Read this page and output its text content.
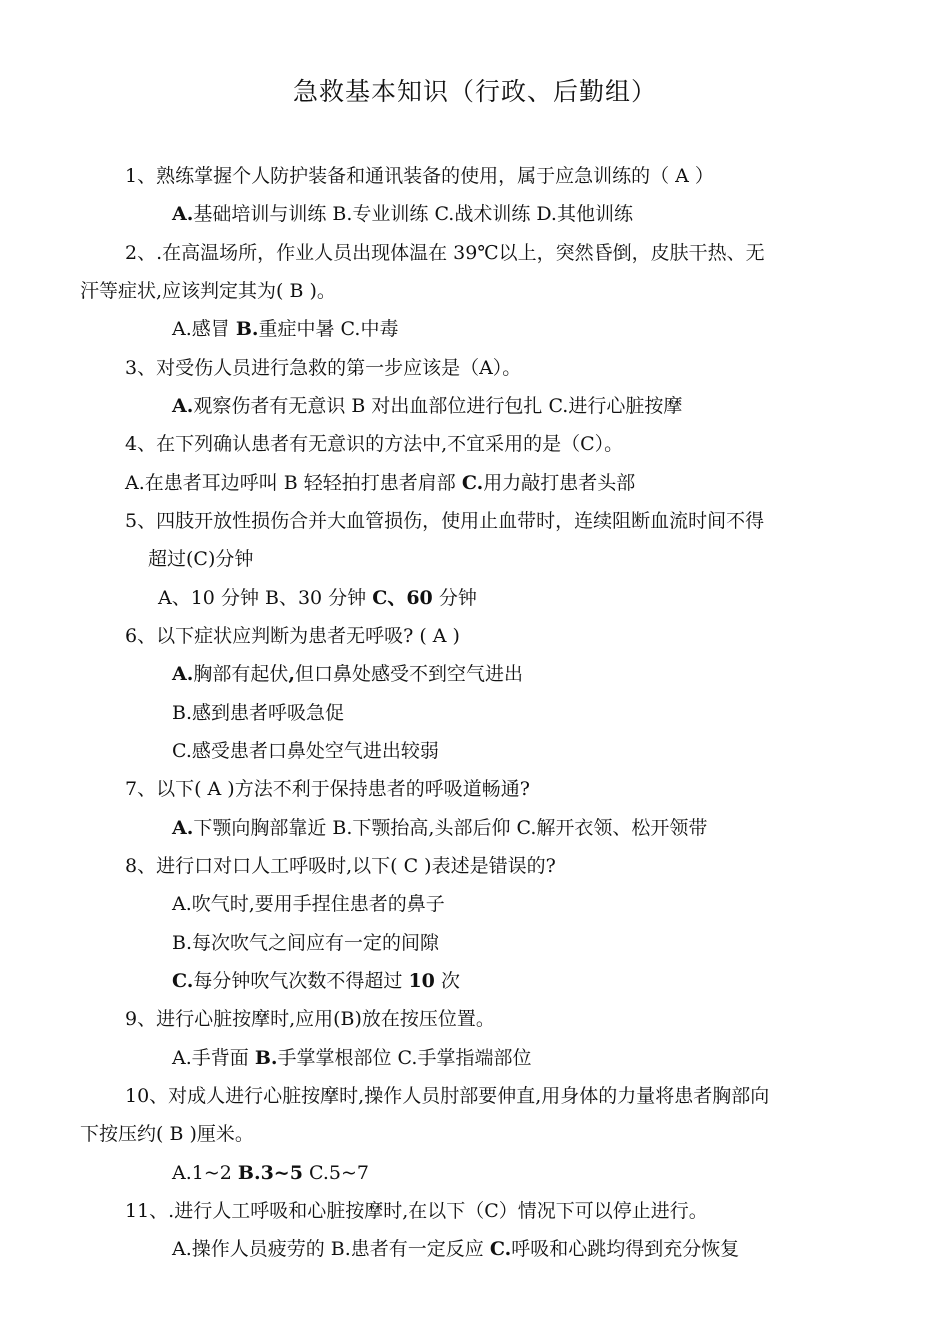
急救基本知识（行政、后勤组）
1、熟练掌握个人防护装备和通讯装备的使用，属于应急训练的（ A ）
A.基础培训与训练 B.专业训练 C.战术训练 D.其他训练
2、.在高温场所，作业人员出现体温在 39℃以上，突然昏倒，皮肤干热、无
汗等症状,应该判定其为( B )。
A.感冒 B.重症中暑 C.中毒
3、对受伤人员进行急救的第一步应该是（A）。
A.观察伤者有无意识 B 对出血部位进行包扎 C.进行心脏按摩
4、在下列确认患者有无意识的方法中,不宜采用的是（C）。
A.在患者耳边呼叫 B 轻轻拍打患者肩部 C.用力敲打患者头部
5、四肢开放性损伤合并大血管损伤，使用止血带时，连续阻断血流时间不得
超过(C)分钟
A、10 分钟 B、30 分钟 C、60 分钟
6、以下症状应判断为患者无呼吸? ( A )
A.胸部有起伏,但口鼻处感受不到空气进出
B.感到患者呼吸急促
C.感受患者口鼻处空气进出较弱
7、以下( A )方法不利于保持患者的呼吸道畅通?
A.下颚向胸部靠近 B.下颚抬高,头部后仰 C.解开衣领、松开领带
8、进行口对口人工呼吸时,以下( C )表述是错误的?
A.吹气时,要用手捏住患者的鼻子
B.每次吹气之间应有一定的间隙
C.每分钟吹气次数不得超过 10 次
9、进行心脏按摩时,应用(B)放在按压位置。
A.手背面 B.手掌掌根部位 C.手掌指端部位
10、对成人进行心脏按摩时,操作人员肘部要伸直,用身体的力量将患者胸部向
下按压约( B )厘米。
A.1~2 B.3~5 C.5~7
11、.进行人工呼吸和心脏按摩时,在以下（C）情况下可以停止进行。
A.操作人员疲劳的 B.患者有一定反应 C.呼吸和心跳均得到充分恢复
